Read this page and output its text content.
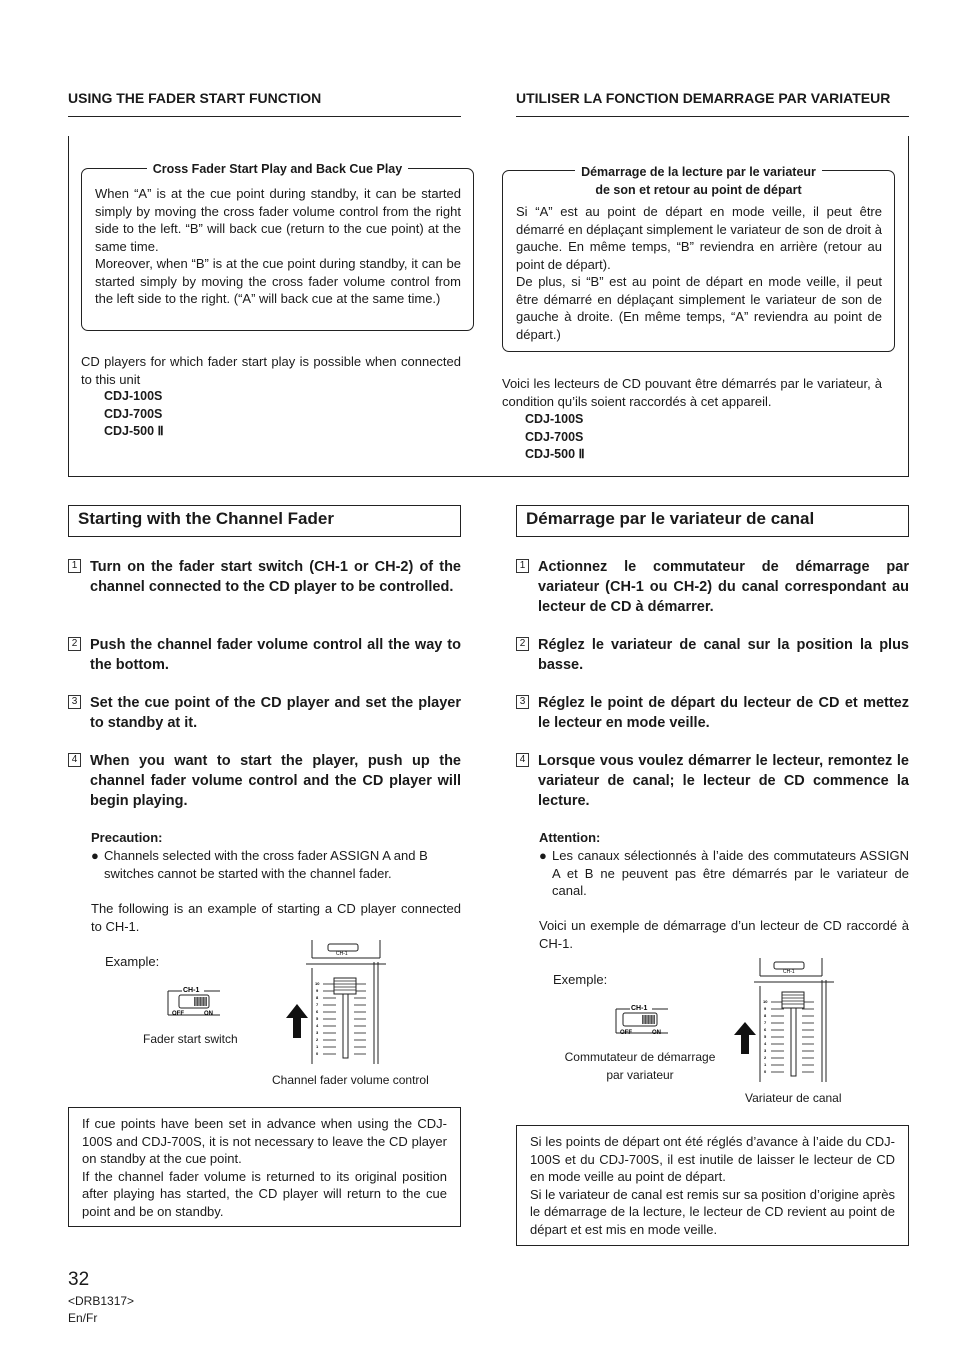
USING THE FADER START FUNCTION	UTILISER LA FONCTION DEMARRAGE PAR VARIATEUR
Cross Fader Start Play and Back Cue Play
When “A” is at the cue point during standby, it can be started simply by moving the cross fader volume control from the right side to the left. “B” will back cue (return to the cue point) at the same time.
Moreover, when “B” is at the cue point during standby, it can be started simply by moving the cross fader volume control from the left side to the right. (“A” will back cue at the same time.)
Démarrage de la lecture par le variateur
de son et retour au point de départ
Si “A” est au point de départ en mode veille, il peut être démarré en déplaçant simplement le variateur de son de droit à gauche. En même temps, “B” reviendra en arrière (retour au point de départ).
De plus, si “B” est au point de départ en mode veille, il peut être démarré en déplaçant simplement le variateur de son de gauche à droite. (En même temps, “A” reviendra au point de départ.)
CD players for which fader start play is possible when connected to this unit
CDJ-100S
CDJ-700S
CDJ-500 Ⅱ
Voici les lecteurs de CD pouvant être démarrés par le variateur, à condition qu’ils soient raccordés à cet appareil.
CDJ-100S
CDJ-700S
CDJ-500 Ⅱ
Starting with the Channel Fader	Démarrage par le variateur de canal
1 Turn on the fader start switch (CH-1 or CH-2) of the channel connected to the CD player to be controlled.
2 Push the channel fader volume control all the way to the bottom.
3 Set the cue point of the CD player and set the player to standby at it.
4 When you want to start the player, push up the channel fader volume control and the CD player will begin playing.
Precaution:
● Channels selected with the cross fader ASSIGN A and B switches cannot be started with the channel fader.
The following is an example of starting a CD player connected to CH-1.
Example:
CH-1
OFF	ON
Fader start switch
CH-1
10
9
8
7
6
5
4
3
2
1
0
Channel fader volume control
If cue points have been set in advance when using the CDJ-100S and CDJ-700S, it is not necessary to leave the CD player on standby at the cue point.
If the channel fader volume is returned to its original position after playing has started, the CD player will return to the cue point and be on standby.
1 Actionnez le commutateur de démarrage par variateur (CH-1 ou CH-2) du canal correspondant au lecteur de CD à démarrer.
2 Réglez le variateur de canal sur la position la plus basse.
3 Réglez le point de départ du lecteur de CD et mettez le lecteur en mode veille.
4 Lorsque vous voulez démarrer le lecteur, remontez le variateur de canal; le lecteur de CD commence la lecture.
Attention:
● Les canaux sélectionnés à l’aide des commutateurs ASSIGN A et B ne peuvent pas être démarrés par le variateur de canal.
Voici un exemple de démarrage d’un lecteur de CD raccordé à CH-1.
Exemple:
CH-1
OFF	ON
Commutateur de démarrage
par variateur
CH-1
10
9
8
7
6
5
4
3
2
1
0
Variateur de canal
Si les points de départ ont été réglés d’avance à l’aide du CDJ- 100S et du CDJ-700S, il est inutile de laisser le lecteur de CD en mode veille au point de départ.
Si le variateur de canal est remis sur sa position d’origine après le démarrage de la lecture, le lecteur de CD revient au point de départ et est mis en mode veille.
32
<DRB1317>
En/Fr
